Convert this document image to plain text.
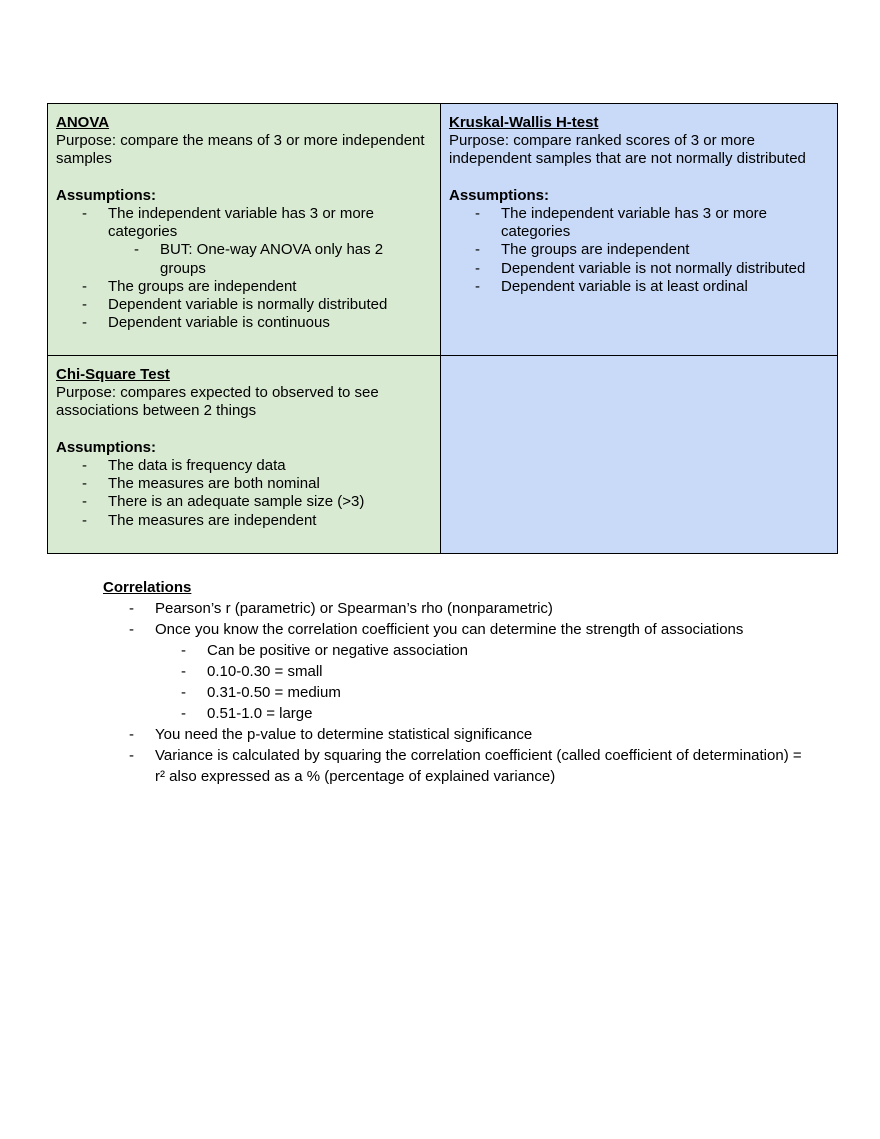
ANOVA

Purpose: compare the means of 3 or more independent samples

Assumptions:

- The independent variable has 3 or more categories
- BUT: One-way ANOVA only has 2 groups
- The groups are independent
- Dependent variable is normally distributed
- Dependent variable is continuous

Kruskal-Wallis H-test

Purpose: compare ranked scores of 3 or more independent samples that are not normally distributed

Assumptions:

- The independent variable has 3 or more categories
- The groups are independent
- Dependent variable is not normally distributed
- Dependent variable is at least ordinal

Chi-Square Test

Purpose: compares expected to observed to see associations between 2 things

Assumptions:

- The data is frequency data
- The measures are both nominal
- There is an adequate sample size (>3)
- The measures are independent

Correlations

- Pearson’s r (parametric) or Spearman’s rho (nonparametric)
- Once you know the correlation coefficient you can determine the strength of associations
- Can be positive or negative association
- 0.10-0.30 = small
- 0.31-0.50 = medium
- 0.51-1.0 = large
- You need the p-value to determine statistical significance
- Variance is calculated by squaring the correlation coefficient (called coefficient of determination) = r² also expressed as a % (percentage of explained variance)
